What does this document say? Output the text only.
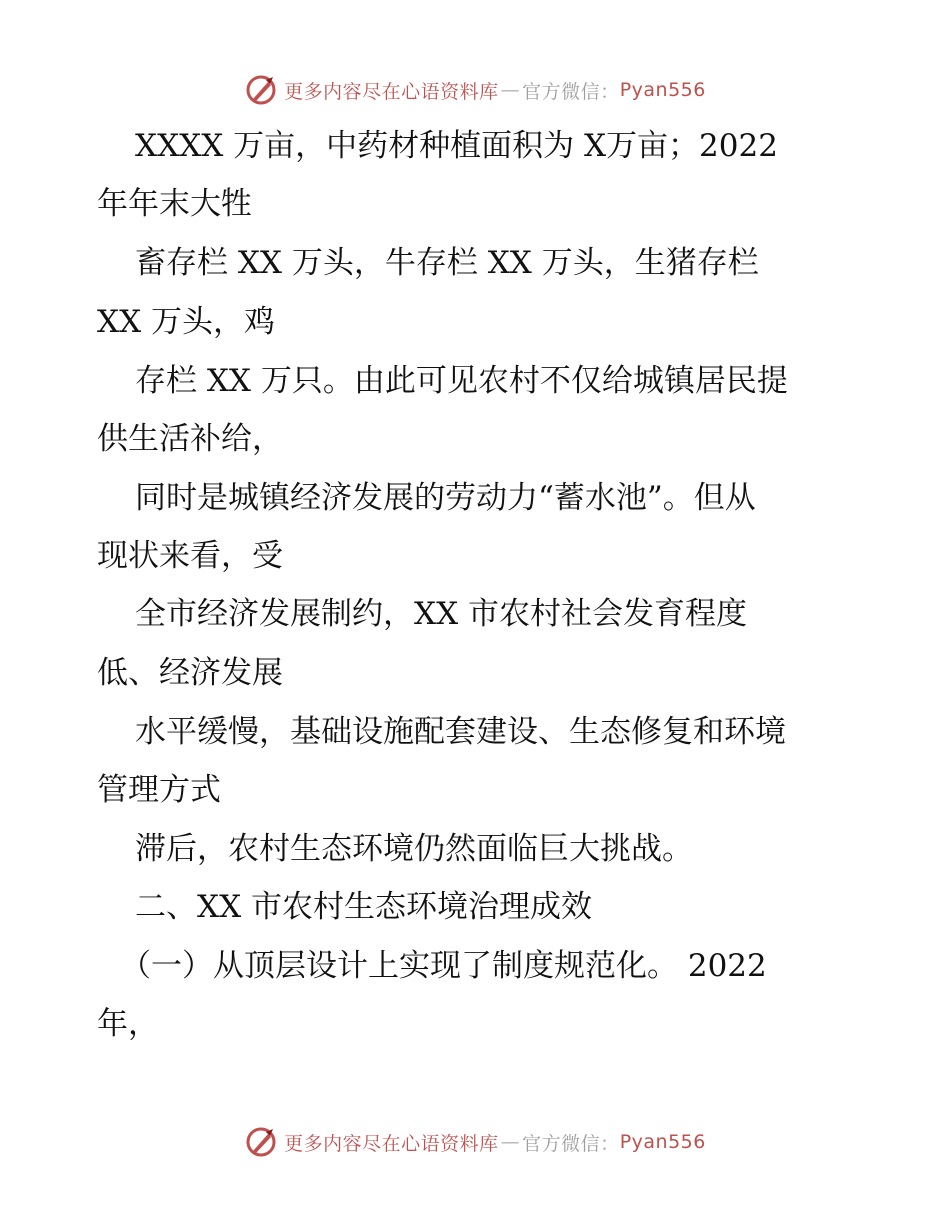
更多内容尽在心语资料库 — 官方微信： Pyan556
XXXX 万亩，中药材种植面积为 X万亩；2022
年年末大牲
畜存栏 XX 万头，牛存栏 XX 万头，生猪存栏
XX 万头，鸡
存栏 XX 万只。由此可见农村不仅给城镇居民提
供生活补给，
同时是城镇经济发展的劳动力“蓄水池”。但从
现状来看，受
全市经济发展制约，XX 市农村社会发育程度
低、经济发展
水平缓慢，基础设施配套建设、生态修复和环境
管理方式
滞后，农村生态环境仍然面临巨大挑战。
二、XX 市农村生态环境治理成效
（一）从顶层设计上实现了制度规范化。 2022
年，
更多内容尽在心语资料库 — 官方微信： Pyan556
